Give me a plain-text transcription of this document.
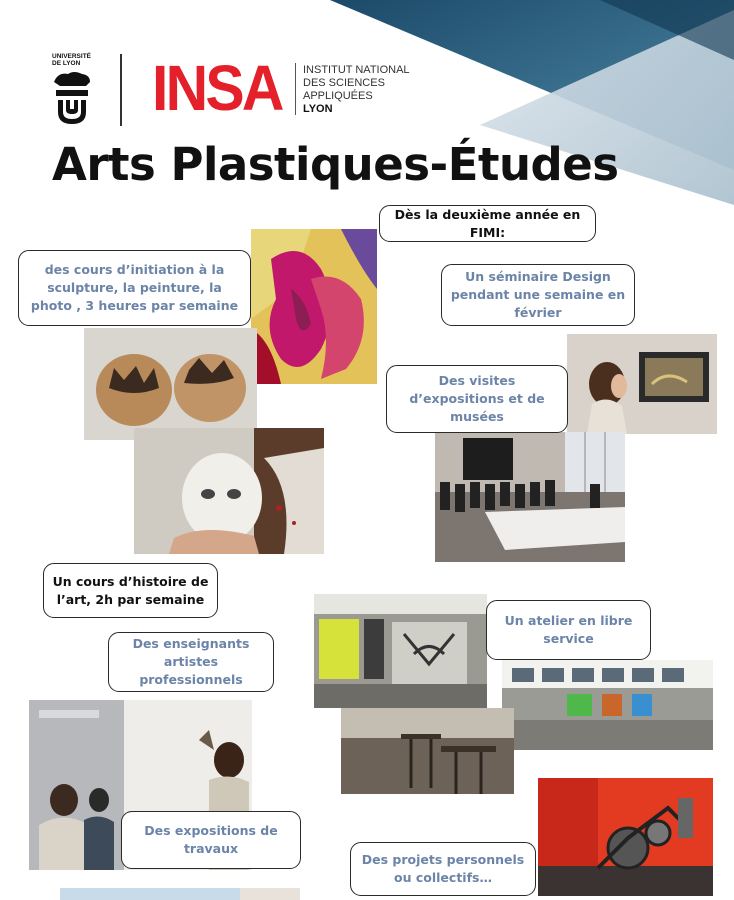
UNIVERSITÉ
DE LYON INSA INSTITUT NATIONAL
DES SCIENCES
APPLIQUÉES
LYON
Arts Plastiques-Études
Dès la deuxième année en FIMI:
des cours d’initiation à la sculpture, la peinture, la photo , 3 heures par semaine
Un séminaire Design pendant une semaine en février
Des visites d’expositions et de musées
Un cours d’histoire de l’art, 2h par semaine
Un atelier en libre service
Des enseignants artistes professionnels
Des expositions de travaux
Des projets personnels ou collectifs…
